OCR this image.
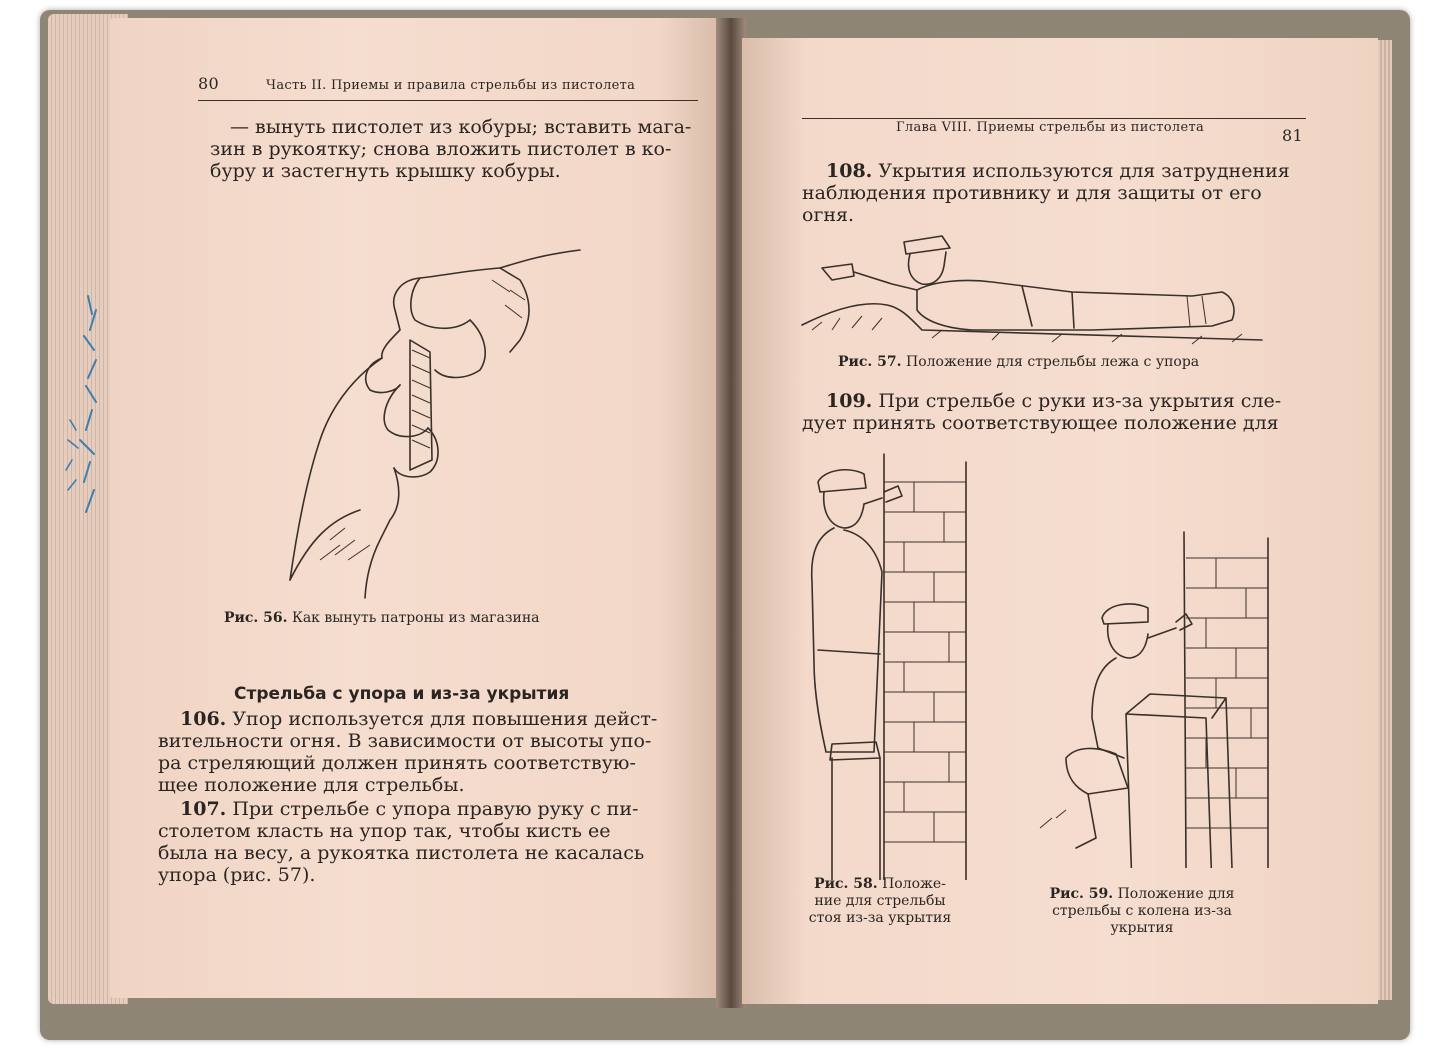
80	Часть II. Приемы и правила стрельбы из пистолета

— вынуть пистолет из кобуры; вставить мага-

зин в рукоятку; снова вложить пистолет в ко-

буру и застегнуть крышку кобуры.

Рис. 56. Как вынуть патроны из магазина
Стрельба с упора и из-за укрытия

106. Упор используется для повышения дейст-

вительности огня. В зависимости от высоты упо-

ра стреляющий должен принять соответствую-

щее положение для стрельбы.

107. При стрельбе с упора правую руку с пи-

столетом класть на упор так, чтобы кисть ее

была на весу, а рукоятка пистолета не касалась

упора (рис. 57).

Глава VIII. Приемы стрельбы из пистолета	81

108. Укрытия используются для затруднения

наблюдения противнику и для защиты от его

огня.

Рис. 57. Положение для стрельбы лежа с упора

109. При стрельбе с руки из-за укрытия сле-

дует принять соответствующее положение для

Рис. 58. Положе-
ние для стрельбы
стоя из-за укрытия
Рис. 59. Положение для
стрельбы с колена из-за
укрытия
